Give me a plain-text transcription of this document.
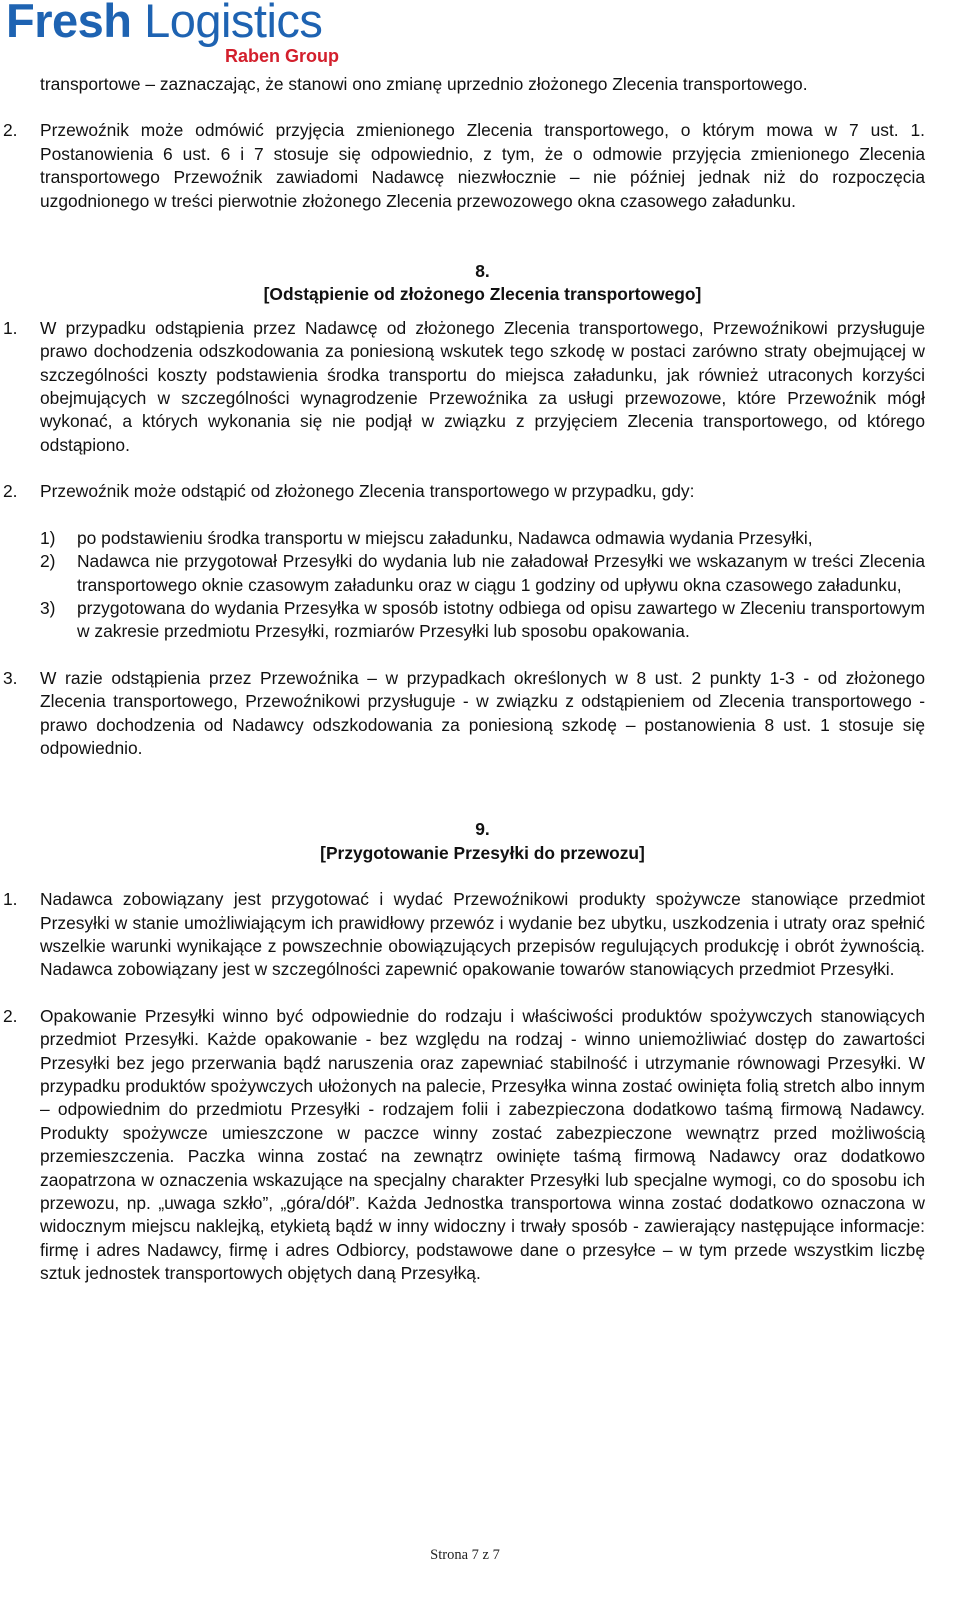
Fresh Logistics
Raben Group
transportowe – zaznaczając, że stanowi ono zmianę uprzednio złożonego Zlecenia transportowego.
2. Przewoźnik może odmówić przyjęcia zmienionego Zlecenia transportowego, o którym mowa w 7 ust. 1. Postanowienia 6 ust. 6 i 7 stosuje się odpowiednio, z tym, że o odmowie przyjęcia zmienionego Zlecenia transportowego Przewoźnik zawiadomi Nadawcę niezwłocznie – nie później jednak niż do rozpoczęcia uzgodnionego w treści pierwotnie złożonego Zlecenia przewozowego okna czasowego załadunku.
8.
[Odstąpienie od złożonego Zlecenia transportowego]
1. W przypadku odstąpienia przez Nadawcę od złożonego Zlecenia transportowego, Przewoźnikowi przysługuje prawo dochodzenia odszkodowania za poniesioną wskutek tego szkodę w postaci zarówno straty obejmującej w szczególności koszty podstawienia środka transportu do miejsca załadunku, jak również utraconych korzyści obejmujących w szczególności wynagrodzenie Przewoźnika za usługi przewozowe, które Przewoźnik mógł wykonać, a których wykonania się nie podjął w związku z przyjęciem Zlecenia transportowego, od którego odstąpiono.
2. Przewoźnik może odstąpić od złożonego Zlecenia transportowego w przypadku, gdy:
1) po podstawieniu środka transportu w miejscu załadunku, Nadawca odmawia wydania Przesyłki,
2) Nadawca nie przygotował Przesyłki do wydania lub nie załadował Przesyłki we wskazanym w treści Zlecenia transportowego oknie czasowym załadunku oraz w ciągu 1 godziny od upływu okna czasowego załadunku,
3) przygotowana do wydania Przesyłka w sposób istotny odbiega od opisu zawartego w Zleceniu transportowym w zakresie przedmiotu Przesyłki, rozmiarów Przesyłki lub sposobu opakowania.
3. W razie odstąpienia przez Przewoźnika – w przypadkach określonych w 8 ust. 2 punkty 1-3 - od złożonego Zlecenia transportowego, Przewoźnikowi przysługuje - w związku z odstąpieniem od Zlecenia transportowego - prawo dochodzenia od Nadawcy odszkodowania za poniesioną szkodę – postanowienia 8 ust. 1 stosuje się odpowiednio.
9.
[Przygotowanie Przesyłki do przewozu]
1. Nadawca zobowiązany jest przygotować i wydać Przewoźnikowi produkty spożywcze stanowiące przedmiot Przesyłki w stanie umożliwiającym ich prawidłowy przewóz i wydanie bez ubytku, uszkodzenia i utraty oraz spełnić wszelkie warunki wynikające z powszechnie obowiązujących przepisów regulujących produkcję i obrót żywnością. Nadawca zobowiązany jest w szczególności zapewnić opakowanie towarów stanowiących przedmiot Przesyłki.
2. Opakowanie Przesyłki winno być odpowiednie do rodzaju i właściwości produktów spożywczych stanowiących przedmiot Przesyłki. Każde opakowanie - bez względu na rodzaj - winno uniemożliwiać dostęp do zawartości Przesyłki bez jego przerwania bądź naruszenia oraz zapewniać stabilność i utrzymanie równowagi Przesyłki. W przypadku produktów spożywczych ułożonych na palecie, Przesyłka winna zostać owinięta folią stretch albo innym – odpowiednim do przedmiotu Przesyłki - rodzajem folii i zabezpieczona dodatkowo taśmą firmową Nadawcy. Produkty spożywcze umieszczone w paczce winny zostać zabezpieczone wewnątrz przed możliwością przemieszczenia. Paczka winna zostać na zewnątrz owinięte taśmą firmową Nadawcy oraz dodatkowo zaopatrzona w oznaczenia wskazujące na specjalny charakter Przesyłki lub specjalne wymogi, co do sposobu ich przewozu, np. „uwaga szkło”, „góra/dół”. Każda Jednostka transportowa winna zostać dodatkowo oznaczona w widocznym miejscu naklejką, etykietą bądź w inny widoczny i trwały sposób - zawierający następujące informacje: firmę i adres Nadawcy, firmę i adres Odbiorcy, podstawowe dane o przesyłce – w tym przede wszystkim liczbę sztuk jednostek transportowych objętych daną Przesyłką.
Strona 7 z 7
